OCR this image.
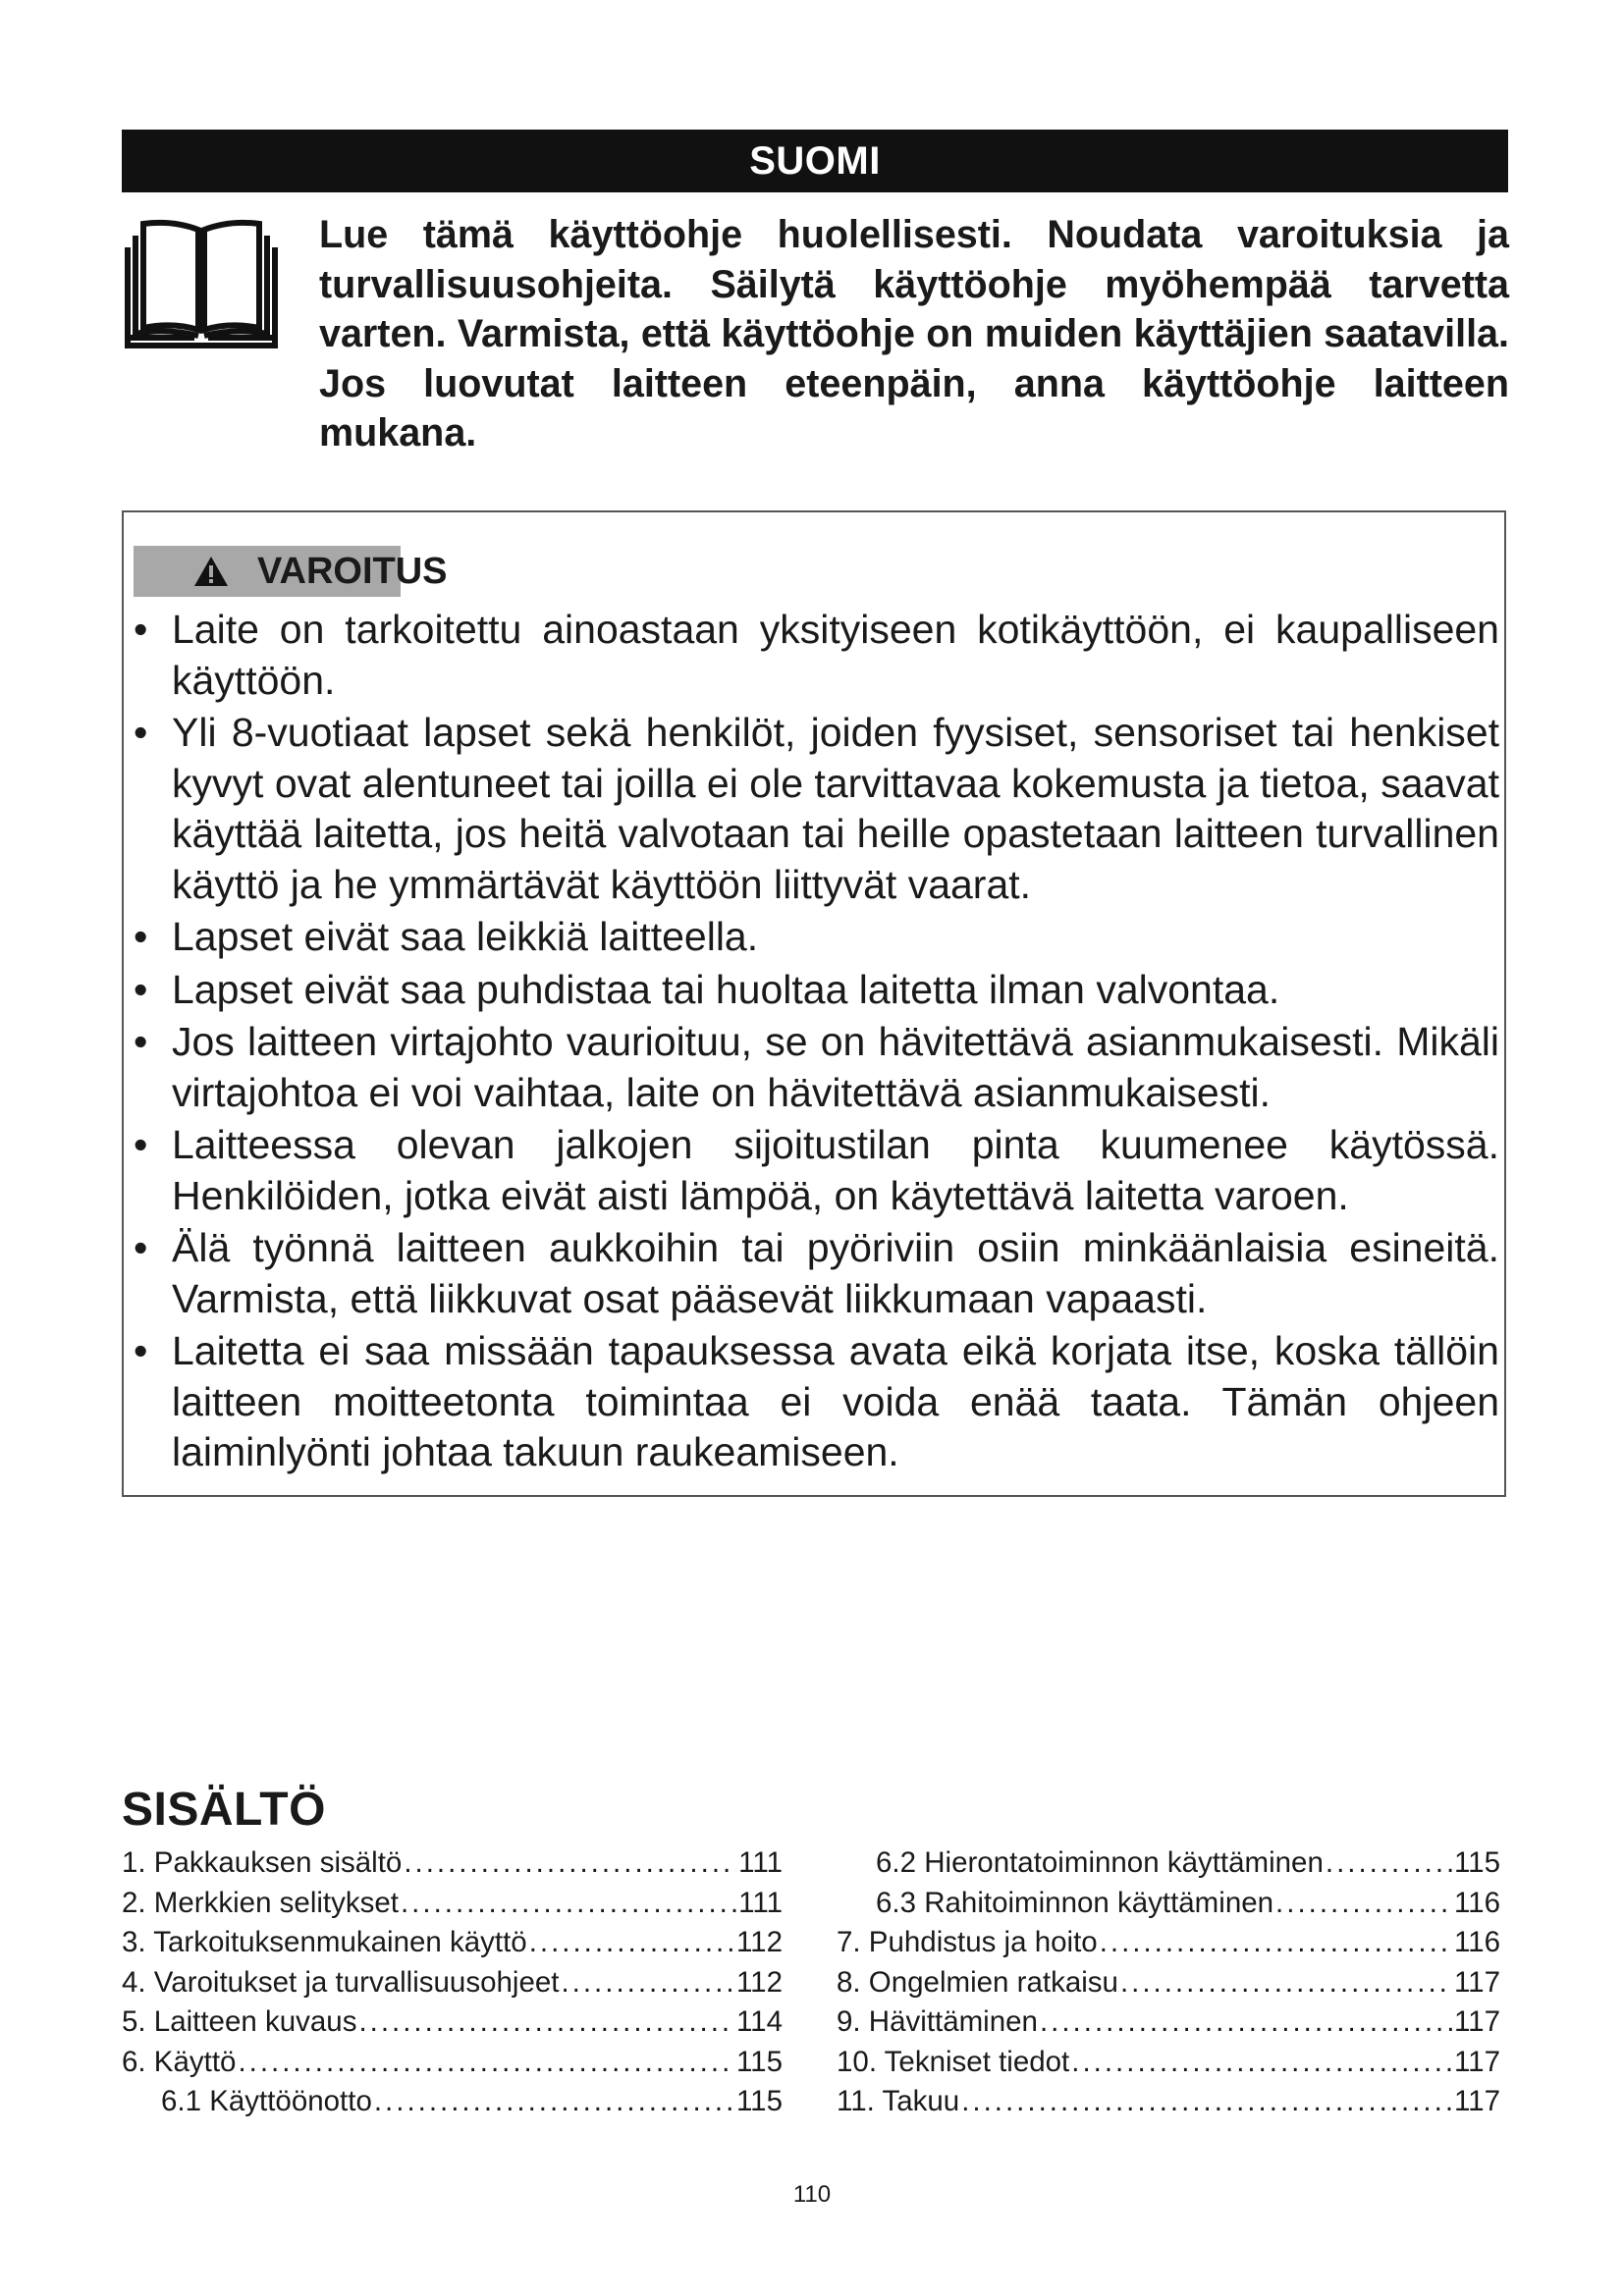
SUOMI
Lue tämä käyttöohje huolellisesti. Noudata varoituksia ja turvallisuusohjeita. Säilytä käyttöohje myöhempää tarvetta varten. Varmista, että käyttöohje on muiden käyttäjien saatavilla. Jos luovutat laitteen eteenpäin, anna käyttöohje laitteen mukana.
VAROITUS
• Laite on tarkoitettu ainoastaan yksityiseen kotikäyttöön, ei kaupalliseen käyttöön.
• Yli 8-vuotiaat lapset sekä henkilöt, joiden fyysiset, sensoriset tai henkiset kyvyt ovat alentuneet tai joilla ei ole tarvittavaa kokemusta ja tietoa, saavat käyttää laitetta, jos heitä valvotaan tai heille opastetaan laitteen turvallinen käyttö ja he ymmärtävät käyttöön liittyvät vaarat.
• Lapset eivät saa leikkiä laitteella.
• Lapset eivät saa puhdistaa tai huoltaa laitetta ilman valvontaa.
• Jos laitteen virtajohto vaurioituu, se on hävitettävä asianmukaisesti. Mikäli virtajohtoa ei voi vaihtaa, laite on hävitettävä asianmukaisesti.
• Laitteessa olevan jalkojen sijoitustilan pinta kuumenee käytössä. Henkilöiden, jotka eivät aisti lämpöä, on käytettävä laitetta varoen.
• Älä työnnä laitteen aukkoihin tai pyöriviin osiin minkäänlaisia esineitä. Varmista, että liikkuvat osat pääsevät liikkumaan vapaasti.
• Laitetta ei saa missään tapauksessa avata eikä korjata itse, koska tällöin laitteen moitteetonta toimintaa ei voida enää taata. Tämän ohjeen laiminlyönti johtaa takuun raukeamiseen.
SISÄLTÖ
1. Pakkauksen sisältö .....	111
2. Merkkien selitykset .....	111
3. Tarkoituksenmukainen käyttö .....	112
4. Varoitukset ja turvallisuusohjeet .....	112
5. Laitteen kuvaus .....	114
6. Käyttö .....	115
6.1 Käyttöönotto .....	115
6.2 Hierontatoiminnon käyttäminen .....	115
6.3 Rahitoiminnon käyttäminen .....	116
7. Puhdistus ja hoito .....	116
8. Ongelmien ratkaisu .....	117
9. Hävittäminen .....	117
10. Tekniset tiedot .....	117
11. Takuu .....	117
110
